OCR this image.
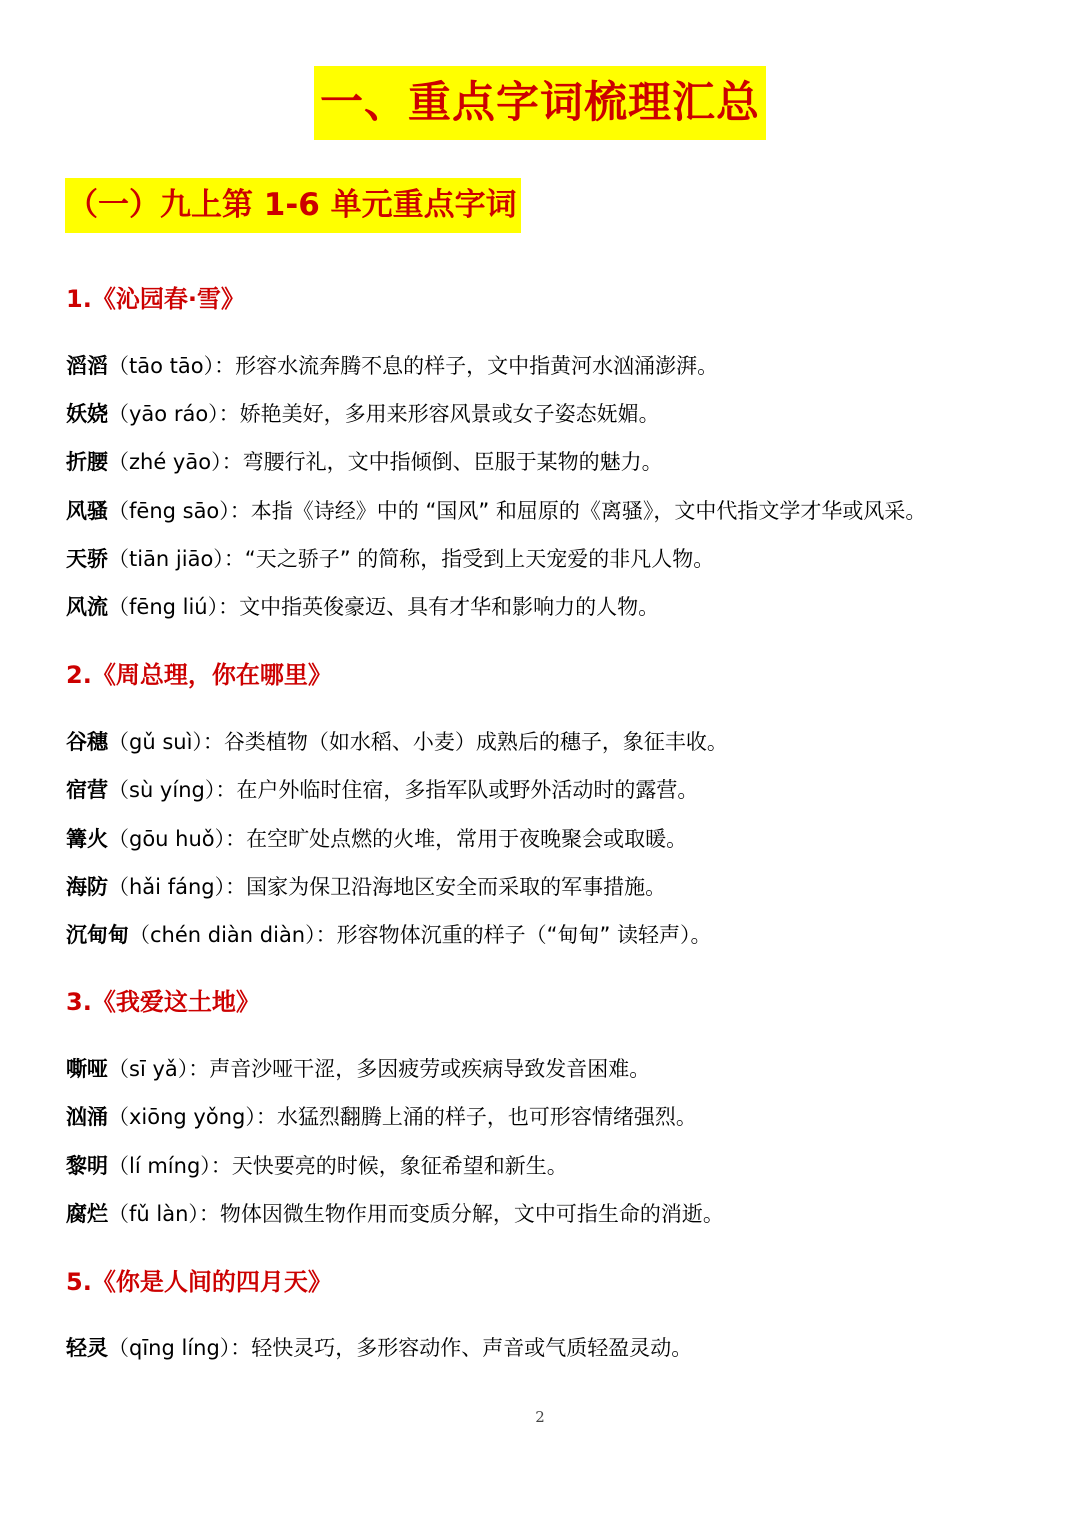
一、重点字词梳理汇总
（一）九上第 1-6 单元重点字词
1.《沁园春·雪》
滔滔（tāo tāo）：形容水流奔腾不息的样子，文中指黄河水汹涌澎湃。
妖娆（yāo ráo）：娇艳美好，多用来形容风景或女子姿态妩媚。
折腰（zhé yāo）：弯腰行礼，文中指倾倒、臣服于某物的魅力。
风骚（fēng sāo）：本指《诗经》中的 “国风” 和屈原的《离骚》，文中代指文学才华或风采。
天骄（tiān jiāo）：“天之骄子” 的简称，指受到上天宠爱的非凡人物。
风流（fēng liú）：文中指英俊豪迈、具有才华和影响力的人物。
2.《周总理，你在哪里》
谷穗（gǔ suì）：谷类植物（如水稻、小麦）成熟后的穗子，象征丰收。
宿营（sù yíng）：在户外临时住宿，多指军队或野外活动时的露营。
篝火（gōu huǒ）：在空旷处点燃的火堆，常用于夜晚聚会或取暖。
海防（hǎi fáng）：国家为保卫沿海地区安全而采取的军事措施。
沉甸甸（chén diàn diàn）：形容物体沉重的样子（“甸甸” 读轻声）。
3.《我爱这土地》
嘶哑（sī yǎ）：声音沙哑干涩，多因疲劳或疾病导致发音困难。
汹涌（xiōng yǒng）：水猛烈翻腾上涌的样子，也可形容情绪强烈。
黎明（lí míng）：天快要亮的时候，象征希望和新生。
腐烂（fǔ làn）：物体因微生物作用而变质分解，文中可指生命的消逝。
5.《你是人间的四月天》
轻灵（qīng líng）：轻快灵巧，多形容动作、声音或气质轻盈灵动。
2
